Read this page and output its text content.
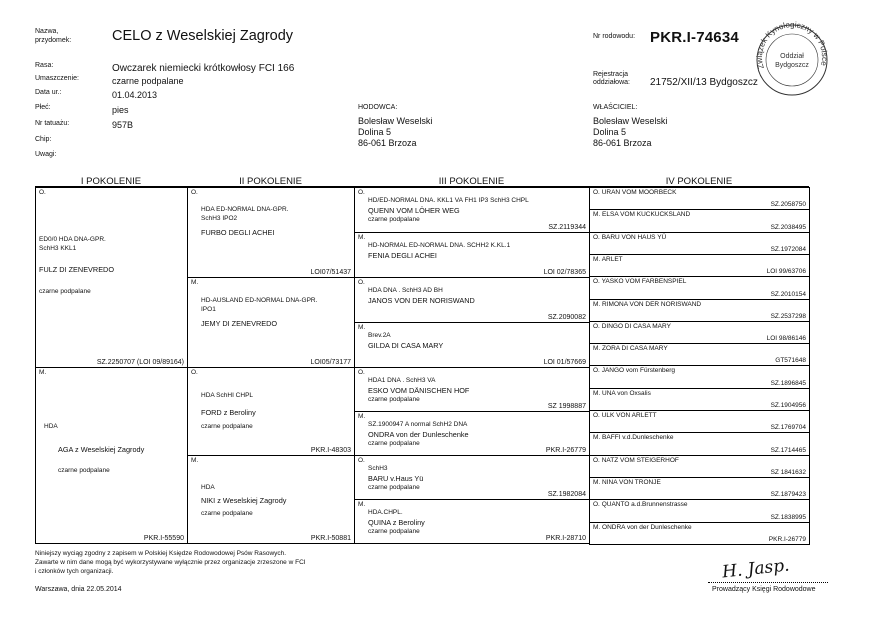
Nazwa,
przydomek:	CELO z Weselskiej Zagrody	Nr rodowodu: PKR.I-74634
Rasa:	Owczarek niemiecki krótkowłosy FCI 166
Umaszczenie:	czarne podpalane
Data ur.:	01.04.2013
Płeć:	pies
Nr tatuażu:	957B
Chip:
Uwagi:
Rejestracja
oddziałowa: 21752/XII/13 Bydgoszcz
HODOWCA:
Bolesław Weselski
Dolina 5
86-061 Brzoza
WŁAŚCICIEL:
Bolesław Weselski
Dolina 5
86-061 Brzoza
Związek Kynologiczny w Polsce
Oddział
Bydgoszcz
I POKOLENIE	II POKOLENIE	III POKOLENIE	IV POKOLENIE
O.
ED0/0 HDA DNA-GPR.
SchH3 KKL1
FULZ DI ZENEVREDO
czarne podpalane
SZ.2250707 (LOI 09/89164)
M.
HDA
AGA z Weselskiej Zagrody
czarne podpalane
PKR.I-55590
O.
HDA ED-NORMAL DNA-GPR.
SchH3 IPO2
FURBO DEGLI ACHEI
LOI07/51437
M.
HD-AUSLAND ED-NORMAL DNA-GPR.
IPO1
JEMY DI ZENEVREDO
LOI05/73177
O.
HDA SchHI CHPL
FORD z Beroliny
czarne podpalane
PKR.I-48303
M.
HDA
NIKI z Weselskiej Zagrody
czarne podpalane
PKR.I-50881
O.
HD/ED-NORMAL DNA. KKL1 VA FH1 IP3 SchH3 CHPL
QUENN VOM LÖHER WEG
czarne podpalane
SZ.2119344
M.
HD-NORMAL ED-NORMAL DNA. SCHH2 K.KL.1
FENIA DEGLI ACHEI
LOI 02/78365
O.
HDA DNA . SchH3 AD BH
JANOS VON DER NORISWAND
SZ.2090082
M.
Brev.2A
GILDA DI CASA MARY
LOI 01/57669
O.
HDA1 DNA . SchH3 VA
ESKO VOM DÄNISCHEN HOF
czarne podpalane
SZ 1998887
M.
SZ.1900947 A normal SchH2 DNA
ONDRA von der Dunleschenke
czarne podpalane
PKR.I-26779
O.
SchH3
BARU v.Haus Yü
czarne podpalane
SZ.1982084
M.
HDA.CHPL.
QUINA z Beroliny
czarne podpalane
PKR.I-28710
O. URAN VOM MOORBECK
SZ.2058750
M. ELSA VOM KUCKUCKSLAND
SZ.2038495
O. BARU VON HAUS YÜ
SZ.1972084
M. ARLET
LOI 99/63706
O. YASKO VOM FARBENSPIEL
SZ.2010154
M. RIMONA VON DER NORISWAND
SZ.2537298
O. DINGO DI CASA MARY
LOI 98/86146
M. ZORA DI CASA MARY
GT571648
O. JANGO vom Fürstenberg
SZ.1896845
M. UNA von Oxsalis
SZ.1904956
O. ULK VON ARLETT
SZ.1769704
M. BAFFI v.d.Dunleschenke
SZ.1714465
O. NATZ VOM STEIGERHOF
SZ 1841632
M. NINA VON TRONJE
SZ.1879423
O. QUANTO a.d.Brunnenstrasse
SZ.1838995
M. ONDRA von der Dunleschenke
PKR.I-26779
Niniejszy wyciąg zgodny z zapisem w Polskiej Księdze Rodowodowej Psów Rasowych.
Zawarte w nim dane mogą być wykorzystywane wyłącznie przez organizacje zrzeszone w FCI
i członków tych organizacji.
Warszawa, dnia 22.05.2014
H. Jasp.
Prowadzący Księgi Rodowodowe
